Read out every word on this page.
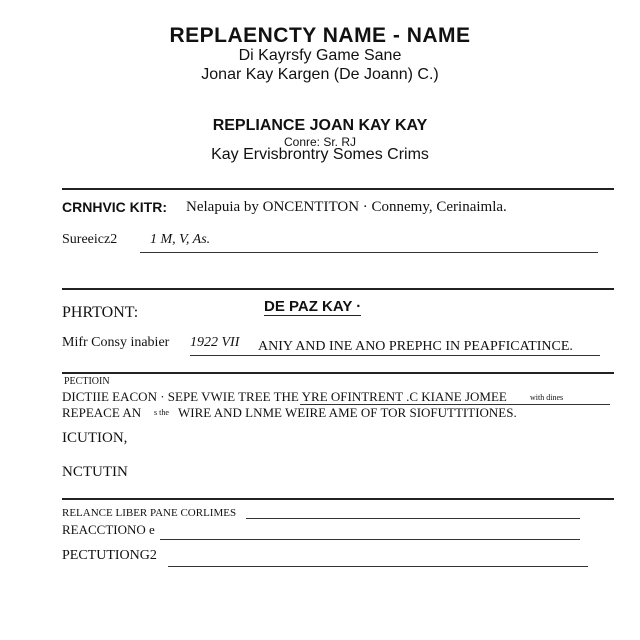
REPLAENCTY NAME - NAME
Di Kayrsfy Game Sane
Jonar Kay Kargen (De Joann) C.)
REPLIANCE JOAN KAY KAY
Conre: Sr. RJ
Kay Ervisbrontry Somes Crims
CRNHVIC KITR: Nelapuia by ONCENTITON · Connemy, Cerinaimla.
Sureeicz2 1 M, V, As.
DE PAZ KAY ·
PHRTONT:
Mifr Consy inabier 1922 VII ANIY AND INE ANO PREPHC IN PEAPFICATINCE.
PECTIOIN
DICTIIE EACON · SEPE VWIE TREE THE YRE OFINTRENT .C KIANE JOMEE	with dines
REPEACE AN s the WIRE AND LNME WEIRE AME OF TOR SIOFUTTITIONES.
ICUTION,
NCTUTIN
RELANCE LIBER PANE CORLIMES
REACCTIONO e
PECTUTIONG2
